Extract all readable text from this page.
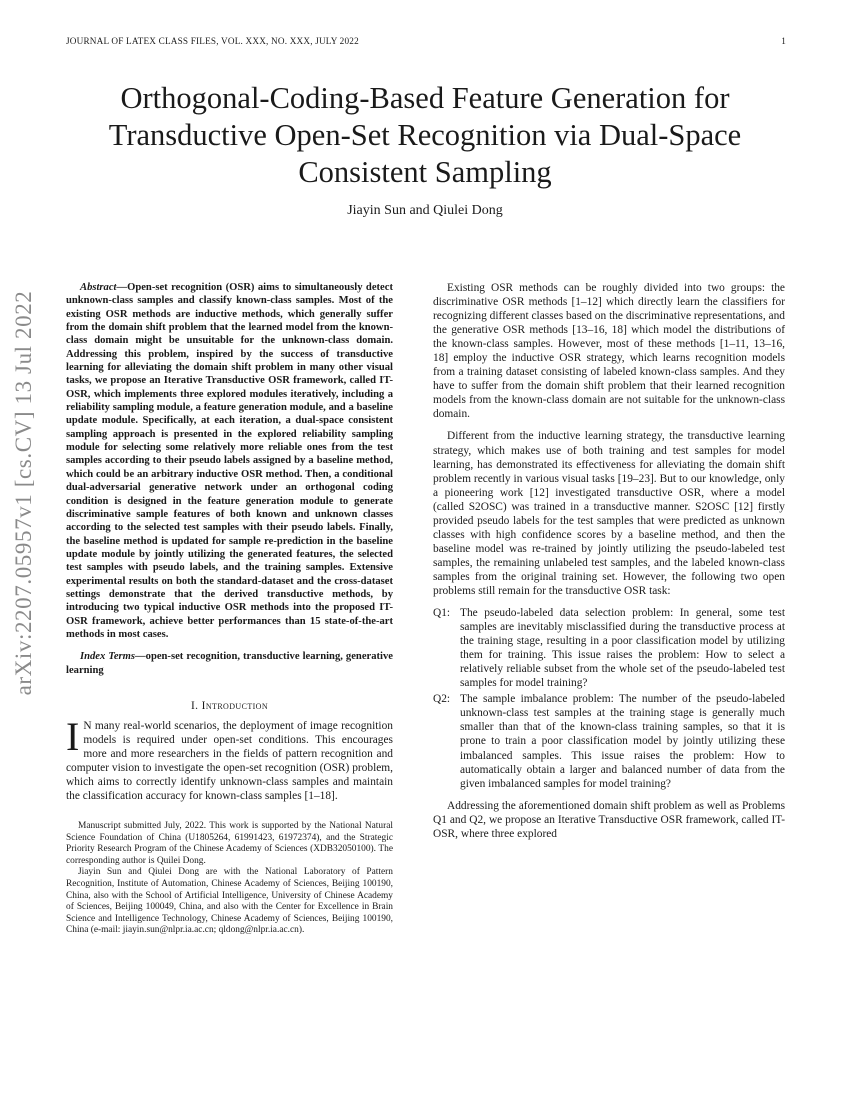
JOURNAL OF LATEX CLASS FILES, VOL. XXX, NO. XXX, JULY 2022	1
Orthogonal-Coding-Based Feature Generation for
Transductive Open-Set Recognition via Dual-Space
Consistent Sampling
Jiayin Sun and Qiulei Dong
arXiv:2207.05957v1 [cs.CV] 13 Jul 2022

Abstract—Open-set recognition (OSR) aims to simultaneously detect unknown-class samples and classify known-class samples. Most of the existing OSR methods are inductive methods, which generally suffer from the domain shift problem that the learned model from the known-class domain might be unsuitable for the unknown-class domain. Addressing this problem, inspired by the success of transductive learning for alleviating the domain shift problem in many other visual tasks, we propose an Iterative Transductive OSR framework, called IT-OSR, which implements three explored modules iteratively, including a reliability sampling module, a feature generation module, and a baseline update module. Specifically, at each iteration, a dual-space consistent sampling approach is presented in the explored reliability sampling module for selecting some relatively more reliable ones from the test samples according to their pseudo labels assigned by a baseline method, which could be an arbitrary inductive OSR method. Then, a conditional dual-adversarial generative network under an orthogonal coding condition is designed in the feature generation module to generate discriminative sample features of both known and unknown classes according to the selected test samples with their pseudo labels. Finally, the baseline method is updated for sample re-prediction in the baseline update module by jointly utilizing the generated features, the selected test samples with pseudo labels, and the training samples. Extensive experimental results on both the standard-dataset and the cross-dataset settings demonstrate that the derived transductive methods, by introducing two typical inductive OSR methods into the proposed IT-OSR framework, achieve better performances than 15 state-of-the-art methods in most cases.

Index Terms—open-set recognition, transductive learning, generative learning

I. Introduction

I N many real-world scenarios, the deployment of image recognition models is required under open-set conditions. This encourages more and more researchers in the fields of pattern recognition and computer vision to investigate the open-set recognition (OSR) problem, which aims to correctly identify unknown-class samples and maintain the classification accuracy for known-class samples [1–18].

Manuscript submitted July, 2022. This work is supported by the National Natural Science Foundation of China (U1805264, 61991423, 61972374), and the Strategic Priority Research Program of the Chinese Academy of Sciences (XDB32050100). The corresponding author is Quilei Dong.

Jiayin Sun and Qiulei Dong are with the National Laboratory of Pattern Recognition, Institute of Automation, Chinese Academy of Sciences, Beijing 100190, China, also with the School of Artificial Intelligence, University of Chinese Academy of Sciences, Beijing 100049, China, and also with the Center for Excellence in Brain Science and Intelligence Technology, Chinese Academy of Sciences, Beijing 100190, China (e-mail: jiayin.sun@nlpr.ia.ac.cn; qldong@nlpr.ia.ac.cn).

Existing OSR methods can be roughly divided into two groups: the discriminative OSR methods [1–12] which directly learn the classifiers for recognizing different classes based on the discriminative representations, and the generative OSR methods [13–16, 18] which model the distributions of the known-class samples. However, most of these methods [1–11, 13–16, 18] employ the inductive OSR strategy, which learns recognition models from a training dataset consisting of labeled known-class samples. And they have to suffer from the domain shift problem that their learned recognition models from the known-class domain are not suitable for the unknown-class domain.

Different from the inductive learning strategy, the transductive learning strategy, which makes use of both training and test samples for model learning, has demonstrated its effectiveness for alleviating the domain shift problem recently in various visual tasks [19–23]. But to our knowledge, only a pioneering work [12] investigated transductive OSR, where a model (called S2OSC) was trained in a transductive manner. S2OSC [12] firstly provided pseudo labels for the test samples that were predicted as unknown classes with high confidence scores by a baseline method, and then the baseline model was re-trained by jointly utilizing the pseudo-labeled test samples, the remaining unlabeled test samples, and the labeled known-class samples from the original training set. However, the following two open problems still remain for the transductive OSR task:

Q1: The pseudo-labeled data selection problem: In general, some test samples are inevitably misclassified during the transductive process at the training stage, resulting in a poor classification model by utilizing them for training. This issue raises the problem: How to select a relatively reliable subset from the whole set of the pseudo-labeled test samples for model training?
Q2: The sample imbalance problem: The number of the pseudo-labeled unknown-class test samples at the training stage is generally much smaller than that of the known-class training samples, so that it is prone to train a poor classification model by jointly utilizing these imbalanced samples. This issue raises the problem: How to automatically obtain a larger and balanced number of data from the given imbalanced samples for model training?

Addressing the aforementioned domain shift problem as well as Problems Q1 and Q2, we propose an Iterative Transductive OSR framework, called IT-OSR, where three explored
